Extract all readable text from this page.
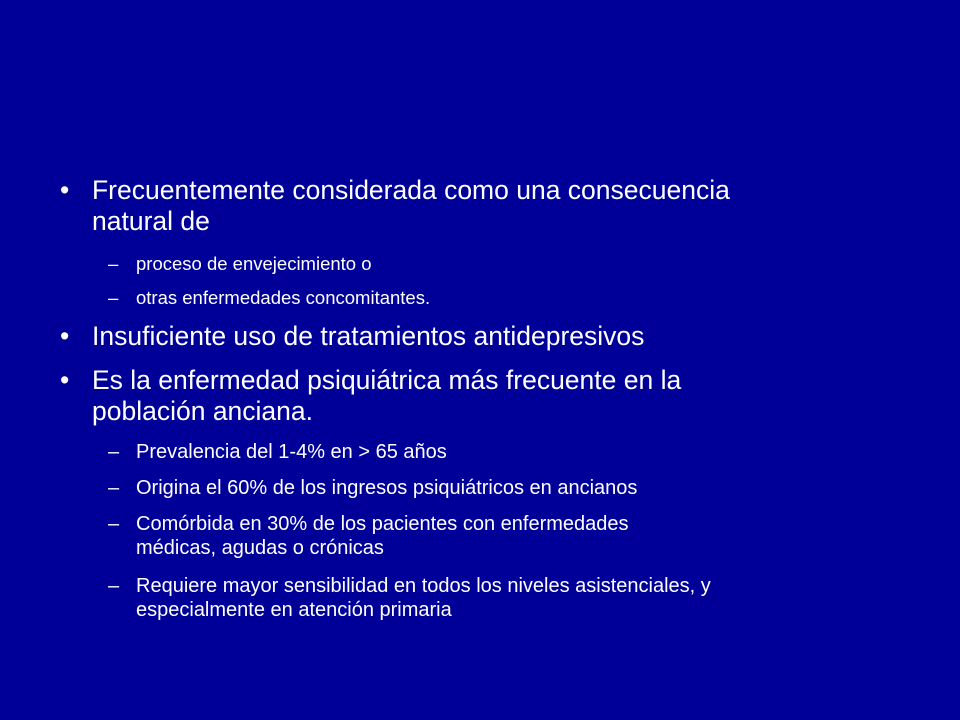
• Frecuentemente considerada como una consecuencia
natural de
– proceso de envejecimiento o
– otras enfermedades concomitantes.
• Insuficiente uso de tratamientos antidepresivos
• Es la enfermedad psiquiátrica más frecuente en la
población anciana.
– Prevalencia del 1-4% en > 65 años
– Origina el 60% de los ingresos psiquiátricos en ancianos
– Comórbida en 30% de los pacientes con enfermedades
médicas, agudas o crónicas
– Requiere mayor sensibilidad en todos los niveles asistenciales, y
especialmente en atención primaria
